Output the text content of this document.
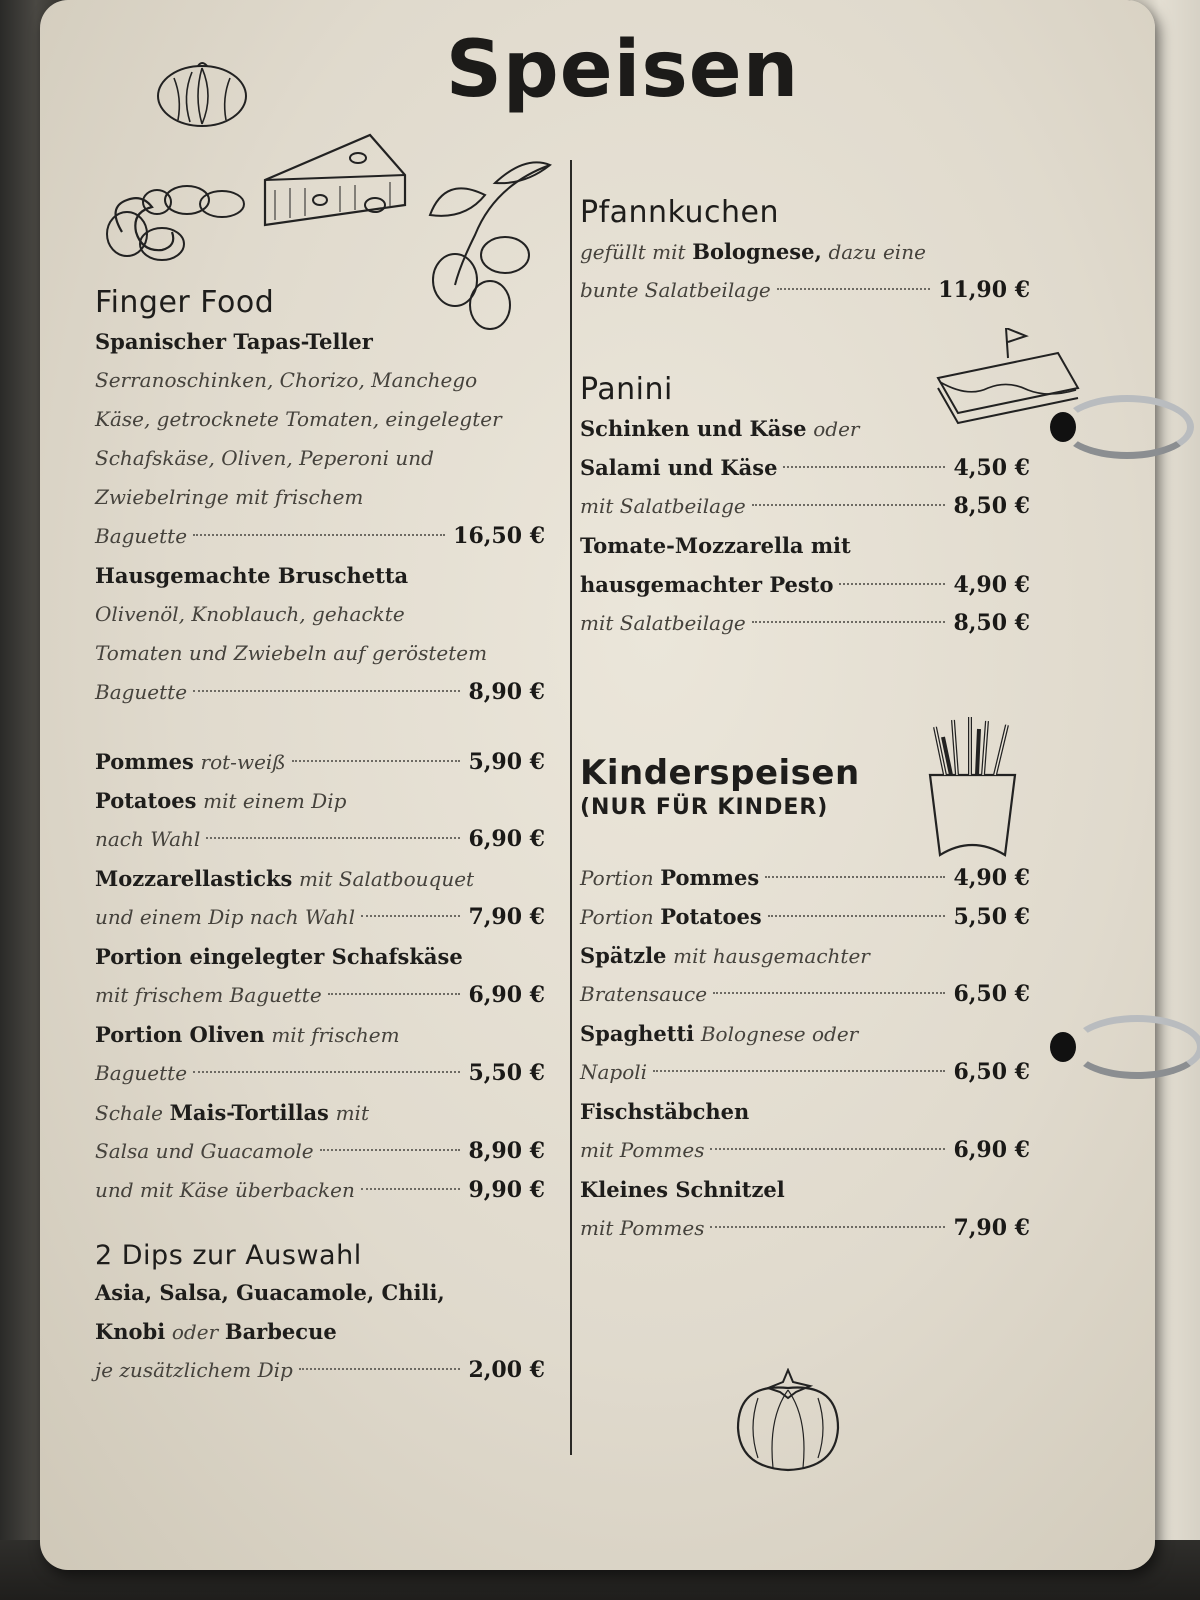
Speisen
Finger Food
Spanischer Tapas-Teller
Serranoschinken, Chorizo, Manchego
Käse, getrocknete Tomaten, eingelegter
Schafskäse, Oliven, Peperoni und
Zwiebelringe mit frischem
Baguette	16,50 €
Hausgemachte Bruschetta
Olivenöl, Knoblauch, gehackte
Tomaten und Zwiebeln auf geröstetem
Baguette	8,90 €
Pommes
rot-weiß	5,90 €
Potatoes
mit einem Dip
nach Wahl	6,90 €
Mozzarellasticks
mit Salatbouquet
und einem Dip nach Wahl	7,90 €
Portion eingelegter Schafskäse
mit frischem Baguette	6,90 €
Portion Oliven
mit frischem
Baguette	5,50 €
Schale
Mais-Tortillas
mit
Salsa und Guacamole	8,90 €
und mit Käse überbacken	9,90 €
2 Dips zur Auswahl
Asia, Salsa, Guacamole, Chili,
Knobi
oder
Barbecue
je zusätzlichem Dip	2,00 €
Pfannkuchen
gefüllt mit
Bolognese,
dazu eine
bunte Salatbeilage	11,90 €
Panini
Schinken und Käse
oder
Salami und Käse	4,50 €
mit Salatbeilage	8,50 €
Tomate-Mozzarella mit
hausgemachter Pesto	4,90 €
mit Salatbeilage	8,50 €
Kinderspeisen
(NUR FÜR KINDER)
Portion
Pommes	4,90 €
Portion
Potatoes	5,50 €
Spätzle
mit hausgemachter
Bratensauce	6,50 €
Spaghetti
Bolognese oder
Napoli	6,50 €
Fischstäbchen
mit Pommes	6,90 €
Kleines Schnitzel
mit Pommes	7,90 €
